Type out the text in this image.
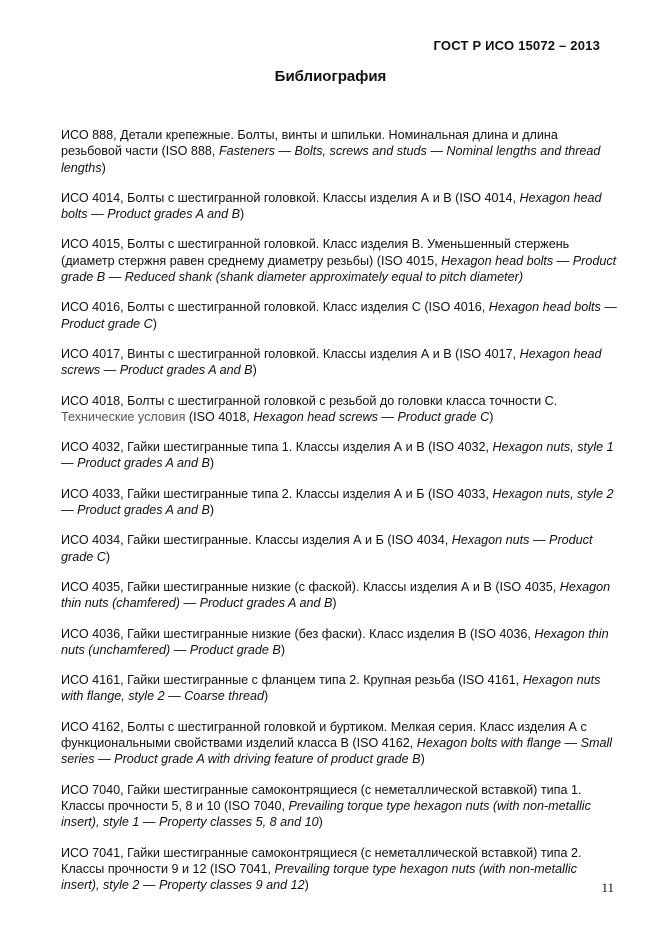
ГОСТ Р ИСО 15072 – 2013
Библиография
ИСО 888, Детали крепежные. Болты, винты и шпильки. Номинальная длина и длина резьбовой части (ISO 888, Fasteners — Bolts, screws and studs — Nominal lengths and thread lengths)
ИСО 4014, Болты с шестигранной головкой. Классы изделия А и В (ISO 4014, Hexagon head bolts — Product grades A and B)
ИСО 4015, Болты с шестигранной головкой. Класс изделия В. Уменьшенный стержень (диаметр стержня равен среднему диаметру резьбы) (ISO 4015, Hexagon head bolts — Product grade B — Reduced shank (shank diameter approximately equal to pitch diameter)
ИСО 4016, Болты с шестигранной головкой. Класс изделия С (ISO 4016, Hexagon head bolts — Product grade C)
ИСО 4017, Винты с шестигранной головкой. Классы изделия А и В (ISO 4017, Hexagon head screws — Product grades A and B)
ИСО 4018, Болты с шестигранной головкой с резьбой до головки класса точности С. Технические условия (ISO 4018, Hexagon head screws — Product grade C)
ИСО 4032, Гайки шестигранные типа 1. Классы изделия А и В (ISO 4032, Hexagon nuts, style 1 — Product grades A and B)
ИСО 4033, Гайки шестигранные типа 2. Классы изделия А и Б (ISO 4033, Hexagon nuts, style 2 — Product grades A and B)
ИСО 4034, Гайки шестигранные. Классы изделия А и Б (ISO 4034, Hexagon nuts — Product grade C)
ИСО 4035, Гайки шестигранные низкие (с фаской). Классы изделия А и В (ISO 4035, Hexagon thin nuts (chamfered) — Product grades A and B)
ИСО 4036, Гайки шестигранные низкие (без фаски). Класс изделия В (ISO 4036, Hexagon thin nuts (unchamfered) — Product grade B)
ИСО 4161, Гайки шестигранные с фланцем типа 2. Крупная резьба (ISO 4161, Hexagon nuts with flange, style 2 — Coarse thread)
ИСО 4162, Болты с шестигранной головкой и буртиком. Мелкая серия. Класс изделия А с функциональными свойствами изделий класса В (ISO 4162, Hexagon bolts with flange — Small series — Product grade A with driving feature of product grade B)
ИСО 7040, Гайки шестигранные самоконтрящиеся (с неметаллической вставкой) типа 1. Классы прочности 5, 8 и 10 (ISO 7040, Prevailing torque type hexagon nuts (with non-metallic insert), style 1 — Property classes 5, 8 and 10)
ИСО 7041, Гайки шестигранные самоконтрящиеся (с неметаллической вставкой) типа 2. Классы прочности 9 и 12 (ISO 7041, Prevailing torque type hexagon nuts (with non-metallic insert), style 2 — Property classes 9 and 12)	11
